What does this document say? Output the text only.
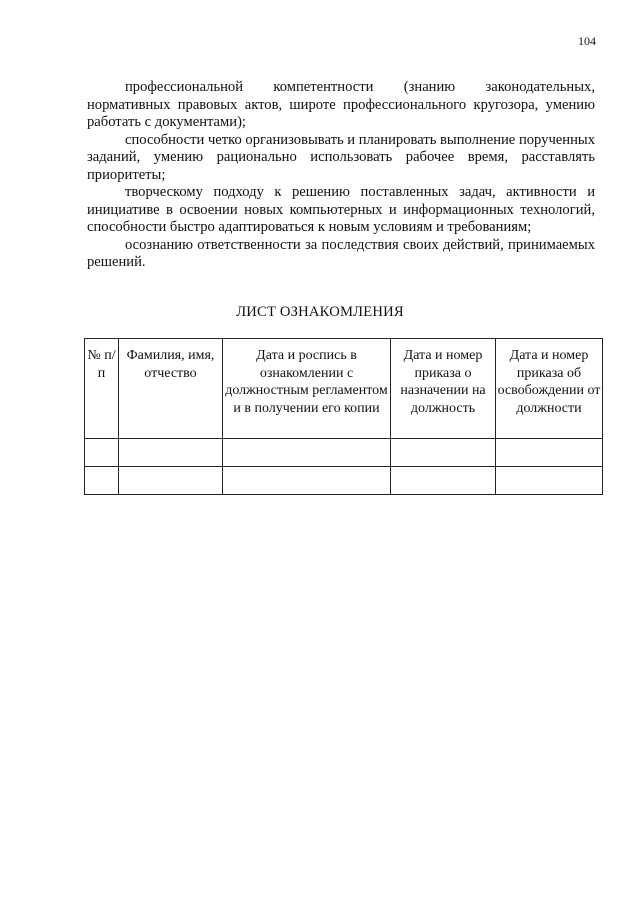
104

профессиональной компетентности (знанию законодательных, нормативных правовых актов, широте профессионального кругозора, умению работать с документами);

способности четко организовывать и планировать выполнение порученных заданий, умению рационально использовать рабочее время, расставлять приоритеты;

творческому подходу к решению поставленных задач, активности и инициативе в освоении новых компьютерных и информационных технологий, способности быстро адаптироваться к новым условиям и требованиям;

осознанию ответственности за последствия своих действий, принимаемых решений.

ЛИСТ ОЗНАКОМЛЕНИЯ
№ п/п	Фамилия, имя, отчество	Дата и роспись в ознакомлении с должностным регламентом и в получении его копии	Дата и номер приказа о назначении на должность	Дата и номер приказа об освобождении от должности
